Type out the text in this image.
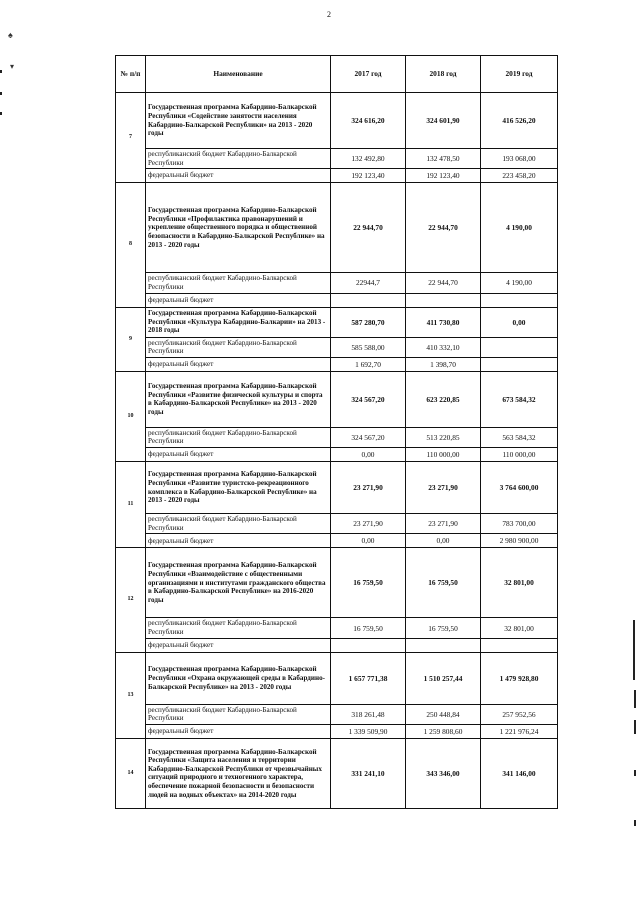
2
♠
▾
№ п/п	Наименование	2017 год	2018 год	2019 год
7	Государственная программа Кабардино-Балкарской Республики «Содействие занятости населения Кабардино-Балкарской Республики» на 2013 - 2020 годы	324 616,20	324 601,90	416 526,20
	республиканский бюджет Кабардино-Балкарской Республики	132 492,80	132 478,50	193 068,00
	федеральный бюджет	192 123,40	192 123,40	223 458,20
8	Государственная программа Кабардино-Балкарской Республики «Профилактика правонарушений и укрепление общественного порядка и общественной безопасности в Кабардино-Балкарской Республике» на 2013 - 2020 годы	22 944,70	22 944,70	4 190,00
	республиканский бюджет Кабардино-Балкарской Республики	22944,7	22 944,70	4 190,00
	федеральный бюджет			
9	Государственная программа Кабардино-Балкарской Республики «Культура Кабардино-Балкарии» на 2013 - 2018 годы	587 280,70	411 730,80	0,00
	республиканский бюджет Кабардино-Балкарской Республики	585 588,00	410 332,10	
	федеральный бюджет	1 692,70	1 398,70	
10	Государственная программа Кабардино-Балкарской Республики «Развитие физической культуры и спорта в Кабардино-Балкарской Республике» на 2013 - 2020 годы	324 567,20	623 220,85	673 584,32
	республиканский бюджет Кабардино-Балкарской Республики	324 567,20	513 220,85	563 584,32
	федеральный бюджет	0,00	110 000,00	110 000,00
11	Государственная программа Кабардино-Балкарской Республики «Развитие туристско-рекреационного комплекса в Кабардино-Балкарской Республике» на 2013 - 2020 годы	23 271,90	23 271,90	3 764 600,00
	республиканский бюджет Кабардино-Балкарской Республики	23 271,90	23 271,90	783 700,00
	федеральный бюджет	0,00	0,00	2 980 900,00
12	Государственная программа Кабардино-Балкарской Республики «Взаимодействие с общественными организациями и институтами гражданского общества в Кабардино-Балкарской Республике» на 2016-2020 годы	16 759,50	16 759,50	32 801,00
	республиканский бюджет Кабардино-Балкарской Республики	16 759,50	16 759,50	32 801,00
	федеральный бюджет			
13	Государственная программа Кабардино-Балкарской Республики «Охрана окружающей среды в Кабардино-Балкарской Республике» на 2013 - 2020 годы	1 657 771,38	1 510 257,44	1 479 928,80
	республиканский бюджет Кабардино-Балкарской Республики	318 261,48	250 448,84	257 952,56
	федеральный бюджет	1 339 509,90	1 259 808,60	1 221 976,24
14	Государственная программа Кабардино-Балкарской Республики «Защита населения и территории Кабардино-Балкарской Республики от чрезвычайных ситуаций природного и техногенного характера, обеспечение пожарной безопасности и безопасности людей на водных объектах» на 2014-2020 годы	331 241,10	343 346,00	341 146,00
